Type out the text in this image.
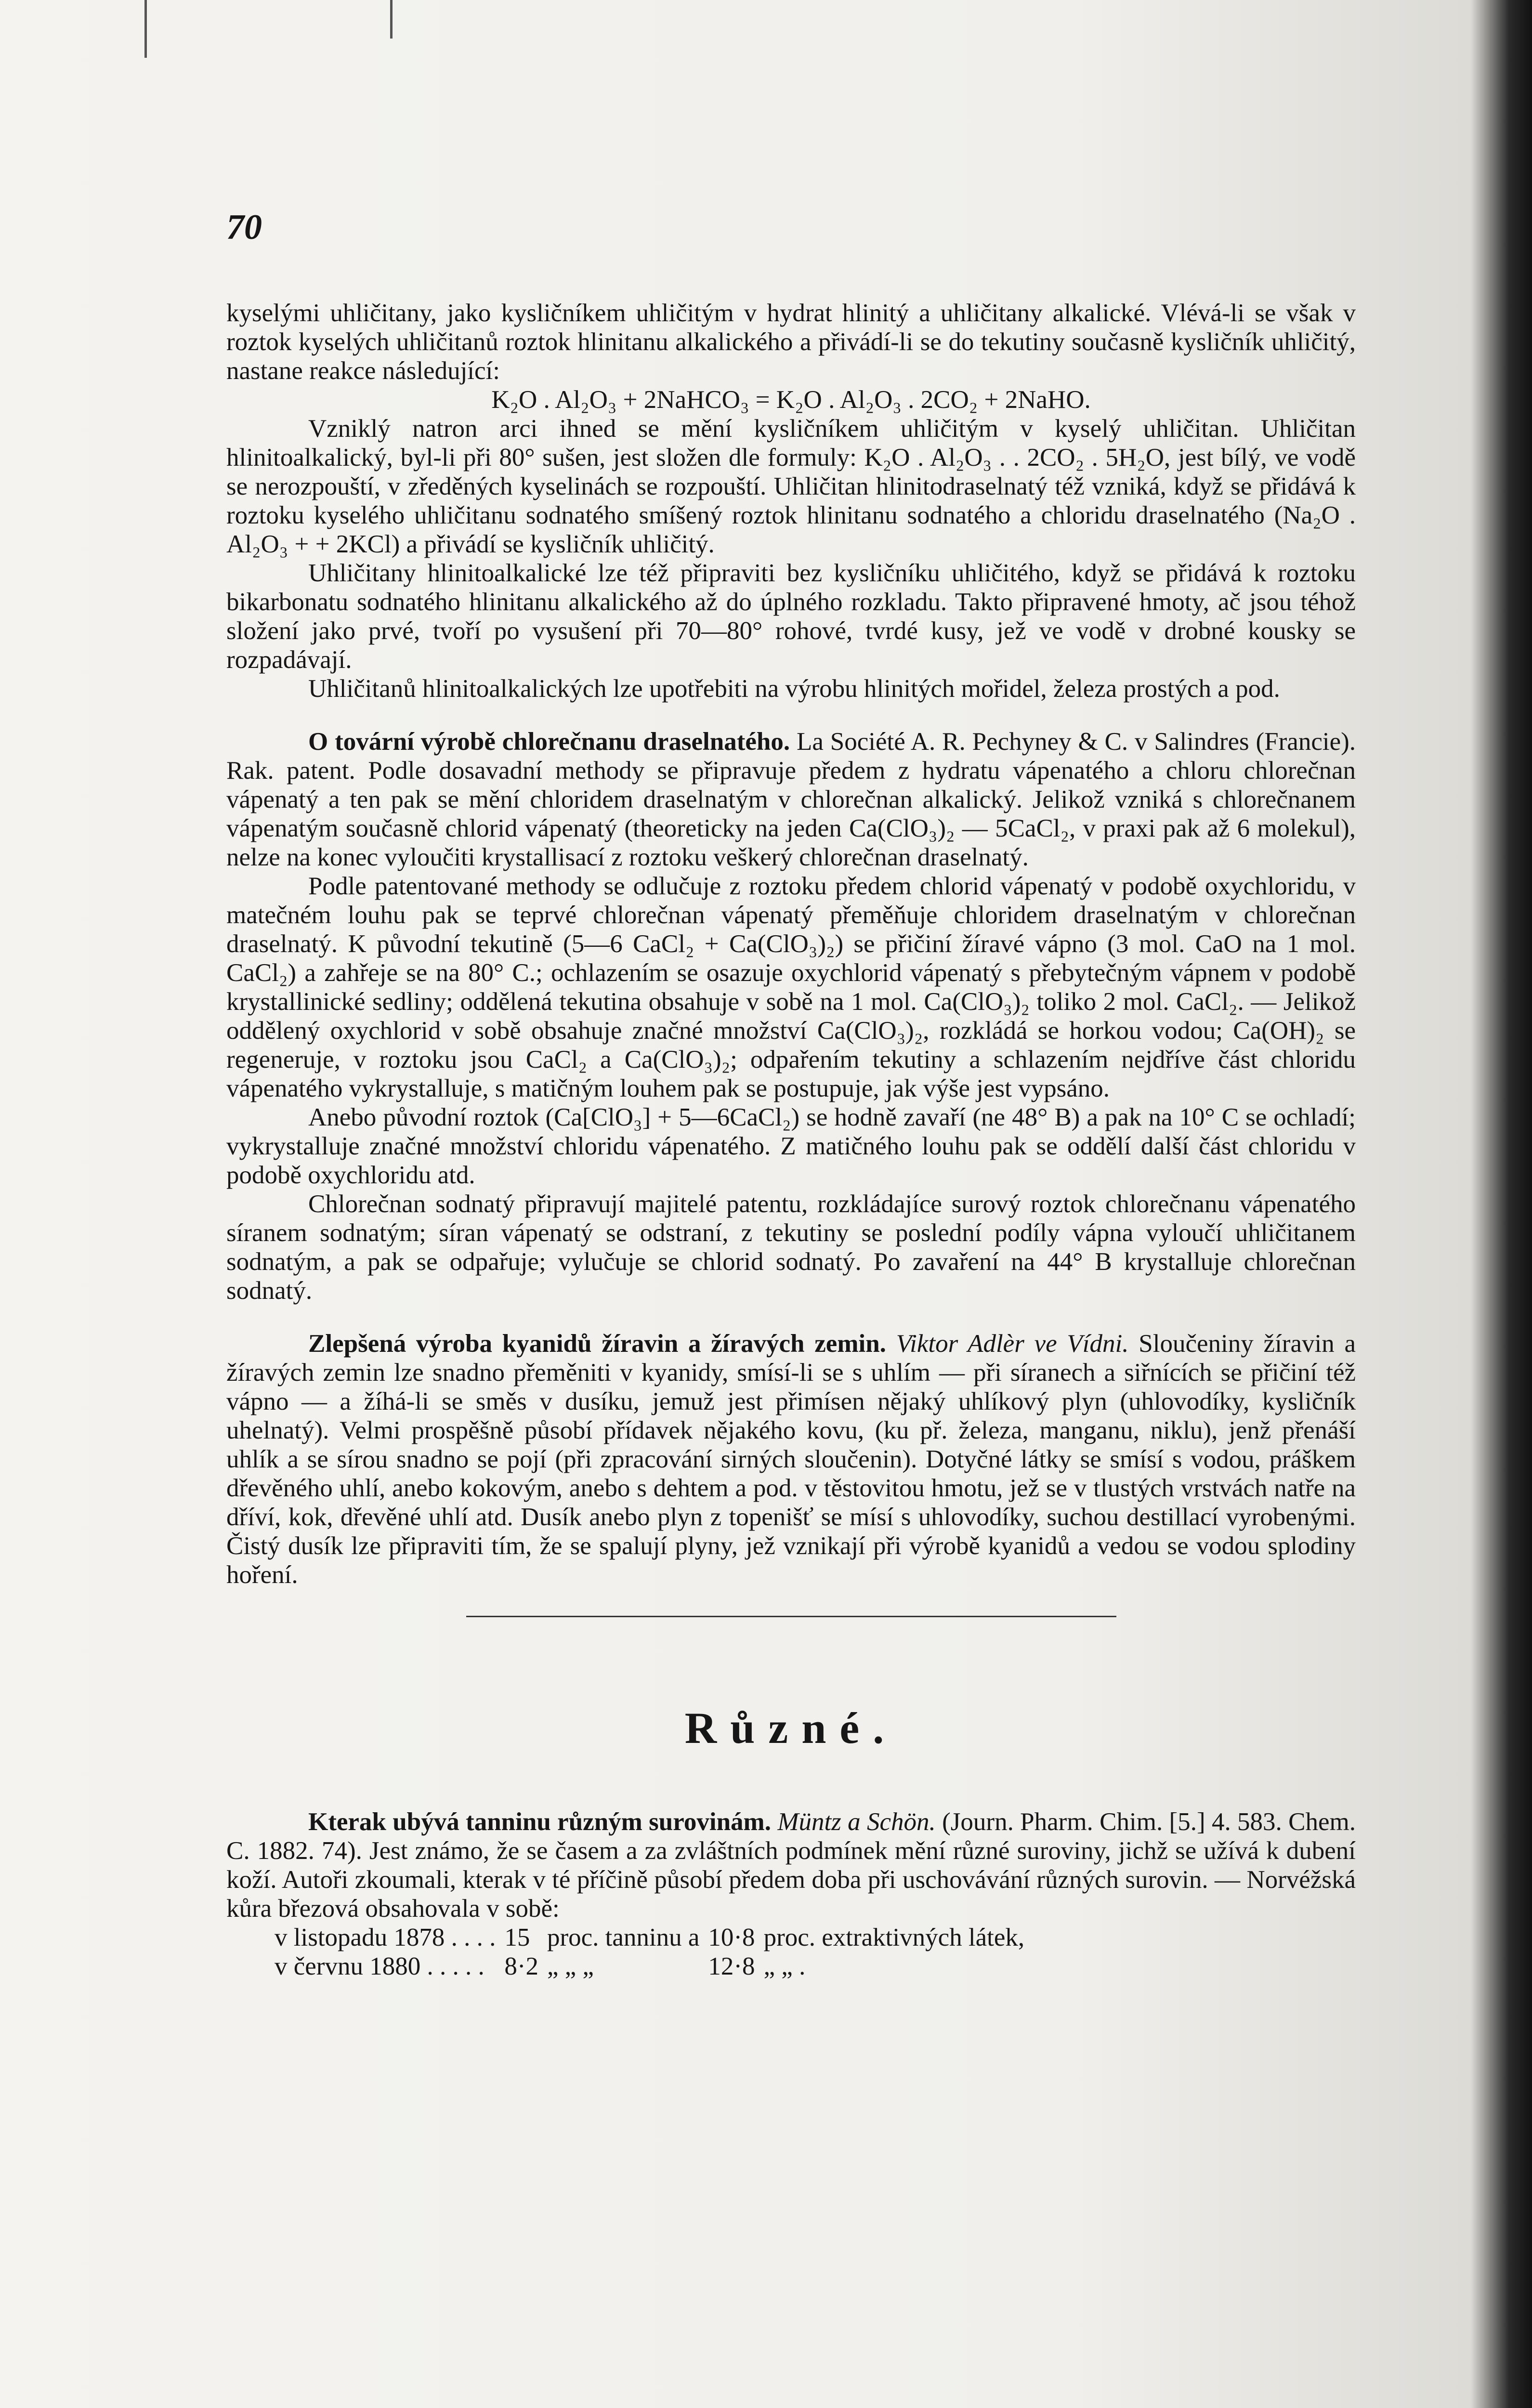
70

kyselými uhličitany, jako kysličníkem uhličitým v hydrat hlinitý a uhličitany alkalické. Vlévá-li se však v roztok kyselých uhličitanů roztok hlinitanu alkalického a přivádí-li se do tekutiny současně kysličník uhličitý, nastane reakce následující:

K₂O . Al₂O₃ + 2NaHCO₃ = K₂O . Al₂O₃ . 2CO₂ + 2NaHO.

Vzniklý natron arci ihned se mění kysličníkem uhličitým v kyselý uhličitan. Uhličitan hlinitoalkalický, byl-li při 80° sušen, jest složen dle formuly: K₂O . Al₂O₃ . . 2CO₂ . 5H₂O, jest bílý, ve vodě se nerozpouští, v zředěných kyselinách se rozpouští. Uhličitan hlinitodraselnatý též vzniká, když se přidává k roztoku kyselého uhličitanu sodnatého smíšený roztok hlinitanu sodnatého a chloridu draselnatého (Na₂O . Al₂O₃ + + 2KCl) a přivádí se kysličník uhličitý.

Uhličitany hlinitoalkalické lze též připraviti bez kysličníku uhličitého, když se přidává k roztoku bikarbonatu sodnatého hlinitanu alkalického až do úplného rozkladu. Takto připravené hmoty, ač jsou téhož složení jako prvé, tvoří po vysušení při 70—80° rohové, tvrdé kusy, jež ve vodě v drobné kousky se rozpadávají.

Uhličitanů hlinitoalkalických lze upotřebiti na výrobu hlinitých mořidel, železa prostých a pod.

O tovární výrobě chlorečnanu draselnatého. La Société A. R. Pechyney & C. v Salindres (Francie). Rak. patent. Podle dosavadní methody se připravuje předem z hydratu vápenatého a chloru chlorečnan vápenatý a ten pak se mění chloridem draselnatým v chlorečnan alkalický. Jelikož vzniká s chlorečnanem vápenatým současně chlorid vápenatý (theoreticky na jeden Ca(ClO₃)₂ — 5CaCl₂, v praxi pak až 6 molekul), nelze na konec vyloučiti krystallisací z roztoku veškerý chlorečnan draselnatý.

Podle patentované methody se odlučuje z roztoku předem chlorid vápenatý v podobě oxychloridu, v matečném louhu pak se teprvé chlorečnan vápenatý přeměňuje chloridem draselnatým v chlorečnan draselnatý. K původní tekutině (5—6 CaCl₂ + Ca(ClO₃)₂) se přičiní žíravé vápno (3 mol. CaO na 1 mol. CaCl₂) a zahřeje se na 80° C.; ochlazením se osazuje oxychlorid vápenatý s přebytečným vápnem v podobě krystallinické sedliny; oddělená tekutina obsahuje v sobě na 1 mol. Ca(ClO₃)₂ toliko 2 mol. CaCl₂. — Jelikož oddělený oxychlorid v sobě obsahuje značné množství Ca(ClO₃)₂, rozkládá se horkou vodou; Ca(OH)₂ se regeneruje, v roztoku jsou CaCl₂ a Ca(ClO₃)₂; odpařením tekutiny a schlazením nejdříve část chloridu vápenatého vykrystalluje, s matičným louhem pak se postupuje, jak výše jest vypsáno.

Anebo původní roztok (Ca[ClO₃] + 5—6CaCl₂) se hodně zavaří (ne 48° B) a pak na 10° C se ochladí; vykrystalluje značné množství chloridu vápenatého. Z matičného louhu pak se oddělí další část chloridu v podobě oxychloridu atd.

Chlorečnan sodnatý připravují majitelé patentu, rozkládajíce surový roztok chlorečnanu vápenatého síranem sodnatým; síran vápenatý se odstraní, z tekutiny se poslední podíly vápna vyloučí uhličitanem sodnatým, a pak se odpařuje; vylučuje se chlorid sodnatý. Po zavaření na 44° B krystalluje chlorečnan sodnatý.

Zlepšená výroba kyanidů žíravin a žíravých zemin. Viktor Adlèr ve Vídni. Sloučeniny žíravin a žíravých zemin lze snadno přeměniti v kyanidy, smísí-li se s uhlím — při síranech a siřnících se přičiní též vápno — a žíhá-li se směs v dusíku, jemuž jest přimísen nějaký uhlíkový plyn (uhlovodíky, kysličník uhelnatý). Velmi prospěšně působí přídavek nějakého kovu, (ku př. železa, manganu, niklu), jenž přenáší uhlík a se sírou snadno se pojí (při zpracování sirných sloučenin). Dotyčné látky se smísí s vodou, práškem dřevěného uhlí, anebo kokovým, anebo s dehtem a pod. v těstovitou hmotu, jež se v tlustých vrstvách natře na dříví, kok, dřevěné uhlí atd. Dusík anebo plyn z topenišť se mísí s uhlovodíky, suchou destillací vyrobenými. Čistý dusík lze připraviti tím, že se spalují plyny, jež vznikají při výrobě kyanidů a vedou se vodou splodiny hoření.

Různé.

Kterak ubývá tanninu různým surovinám. Müntz a Schön. (Journ. Pharm. Chim. [5.] 4. 583. Chem. C. 1882. 74). Jest známo, že se časem a za zvláštních podmínek mění různé suroviny, jichž se užívá k dubení koží. Autoři zkoumali, kterak v té příčině působí předem doba při uschovávání různých surovin. — Norvéžská kůra březová obsahovala v sobě:

v listopadu 1878 . . . .	15	proc. tanninu a	10·8	proc. extraktivných látek,
v červnu 1880 . . . . .	8·2	„ „ „	12·8	„ „ .
